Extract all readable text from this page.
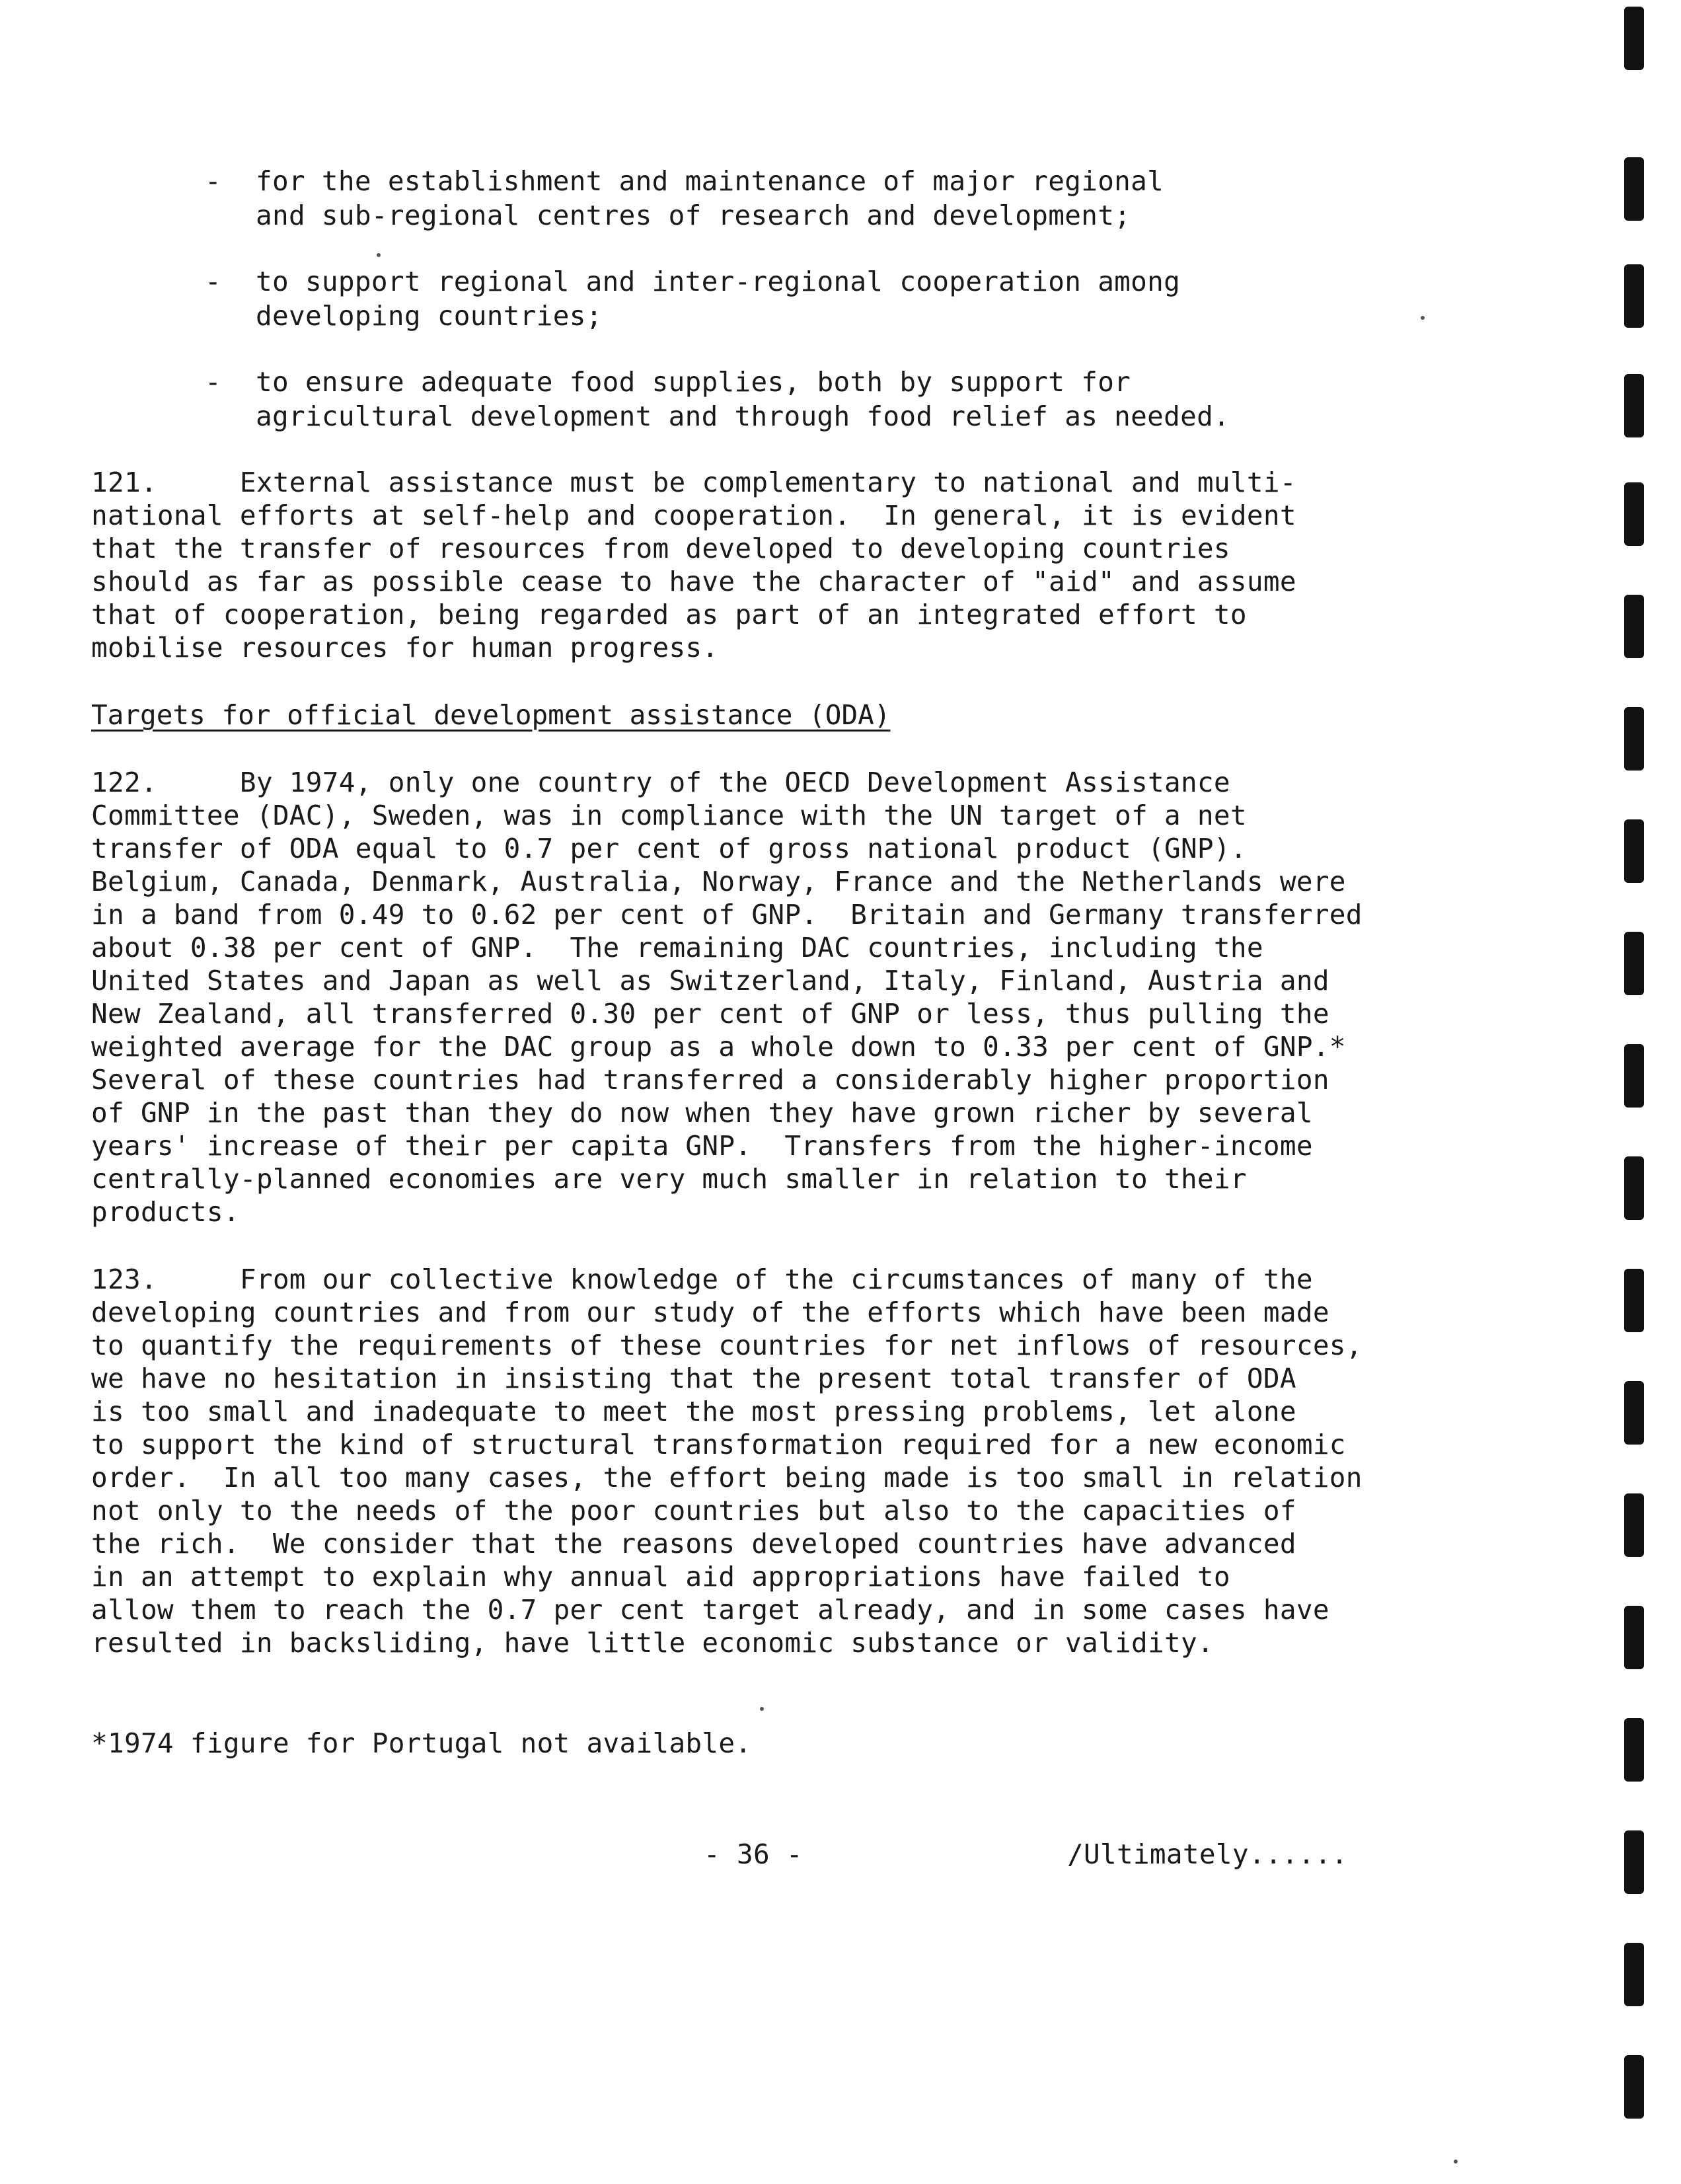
- for the establishment and maintenance of major regional
and sub-regional centres of research and development;
- to support regional and inter-regional cooperation among
developing countries;
- to ensure adequate food supplies, both by support for
agricultural development and through food relief as needed.
121.     External assistance must be complementary to national and multi-
national efforts at self-help and cooperation.  In general, it is evident
that the transfer of resources from developed to developing countries
should as far as possible cease to have the character of "aid" and assume
that of cooperation, being regarded as part of an integrated effort to
mobilise resources for human progress.
Targets for official development assistance (ODA)
122.     By 1974, only one country of the OECD Development Assistance
Committee (DAC), Sweden, was in compliance with the UN target of a net
transfer of ODA equal to 0.7 per cent of gross national product (GNP).
Belgium, Canada, Denmark, Australia, Norway, France and the Netherlands were
in a band from 0.49 to 0.62 per cent of GNP.  Britain and Germany transferred
about 0.38 per cent of GNP.  The remaining DAC countries, including the
United States and Japan as well as Switzerland, Italy, Finland, Austria and
New Zealand, all transferred 0.30 per cent of GNP or less, thus pulling the
weighted average for the DAC group as a whole down to 0.33 per cent of GNP.*
Several of these countries had transferred a considerably higher proportion
of GNP in the past than they do now when they have grown richer by several
years' increase of their per capita GNP.  Transfers from the higher-income
centrally-planned economies are very much smaller in relation to their
products.
123.     From our collective knowledge of the circumstances of many of the
developing countries and from our study of the efforts which have been made
to quantify the requirements of these countries for net inflows of resources,
we have no hesitation in insisting that the present total transfer of ODA
is too small and inadequate to meet the most pressing problems, let alone
to support the kind of structural transformation required for a new economic
order.  In all too many cases, the effort being made is too small in relation
not only to the needs of the poor countries but also to the capacities of
the rich.  We consider that the reasons developed countries have advanced
in an attempt to explain why annual aid appropriations have failed to
allow them to reach the 0.7 per cent target already, and in some cases have
resulted in backsliding, have little economic substance or validity.
*1974 figure for Portugal not available.
- 36 -	/Ultimately......
